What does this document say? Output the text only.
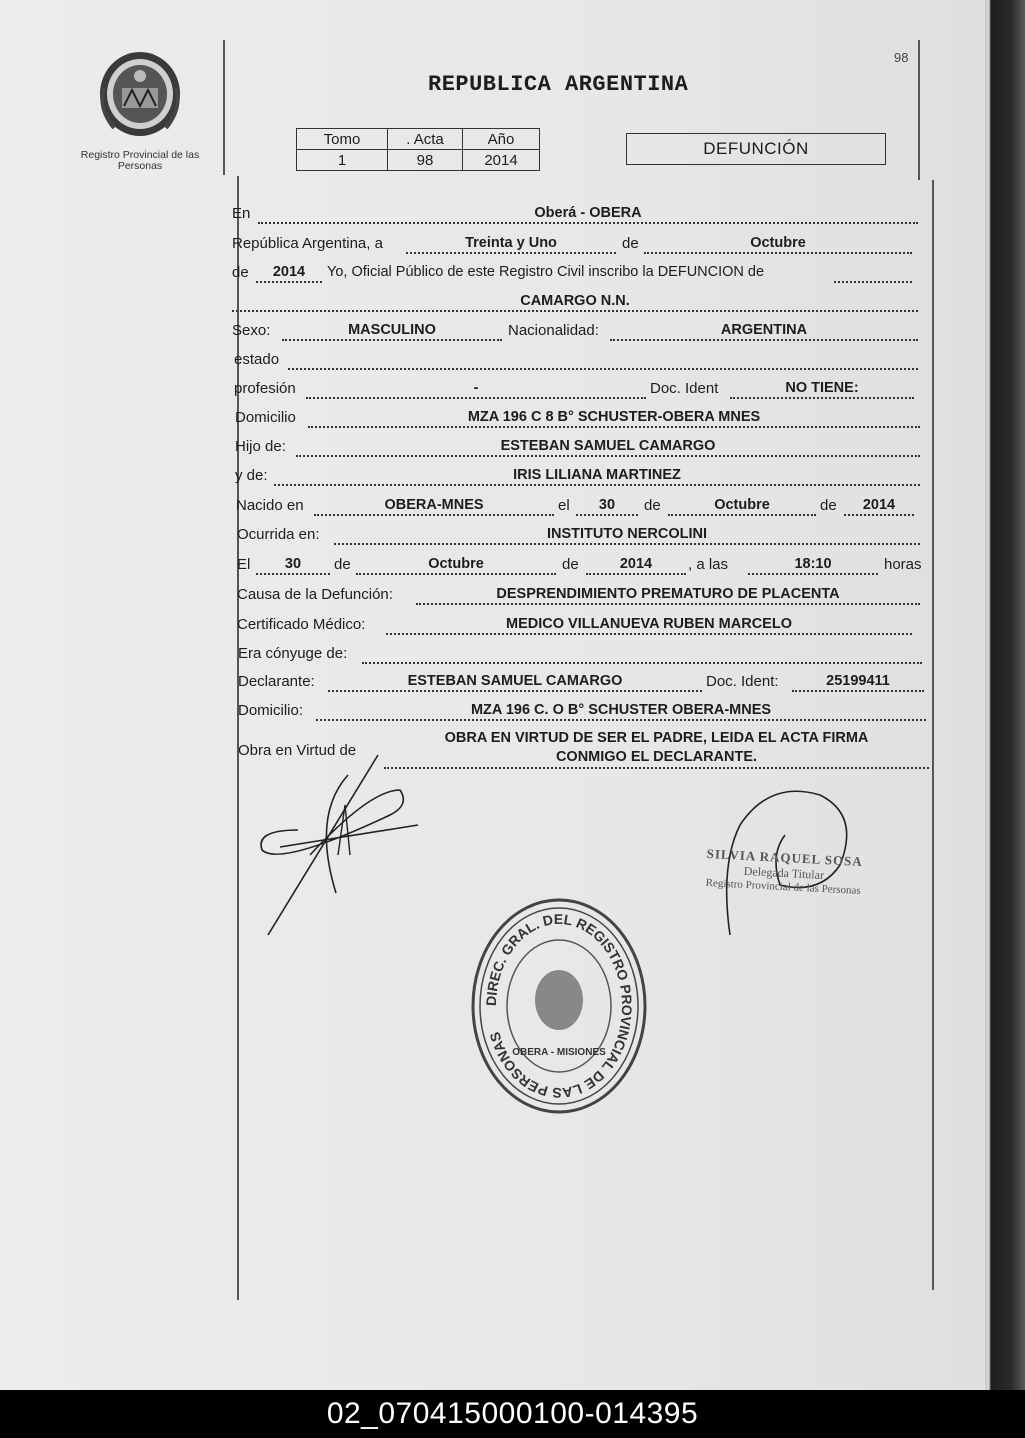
Registro Provincial de las Personas
98
REPUBLICA ARGENTINA
Tomo	. Acta	Año
1	98	2014
DEFUNCIÓN
En	Oberá - OBERA
República Argentina, a	Treinta y Uno	de	Octubre
de	2014	Yo, Oficial Público de este Registro Civil inscribo la DEFUNCION de
CAMARGO N.N.
Sexo:	MASCULINO	Nacionalidad:	ARGENTINA
estado
profesión	-	Doc. Ident	NO TIENE:
Domicilio	MZA 196 C 8 B° SCHUSTER-OBERA MNES
Hijo de:	ESTEBAN SAMUEL CAMARGO
y de:	IRIS LILIANA MARTINEZ
Nacido en	OBERA-MNES	el	30	de	Octubre	de	2014
Ocurrida en:	INSTITUTO NERCOLINI
El	30	de	Octubre	de	2014	, a las	18:10	horas
Causa de la Defunción:	DESPRENDIMIENTO PREMATURO DE PLACENTA
Certificado Médico:	MEDICO VILLANUEVA RUBEN MARCELO
Era cónyuge de:
Declarante:	ESTEBAN SAMUEL CAMARGO	Doc. Ident:	25199411
Domicilio:	MZA 196 C. O B° SCHUSTER OBERA-MNES
Obra en Virtud de
OBRA EN VIRTUD DE SER EL PADRE, LEIDA EL ACTA FIRMA
CONMIGO EL DECLARANTE.
SILVIA RAQUEL SOSA
Delegada Titular
Registro Provincial de las Personas
DIREC. GRAL. DEL REGISTRO PROVINCIAL DE LAS PERSONAS
OBERA - MISIONES
02_070415000100-014395
